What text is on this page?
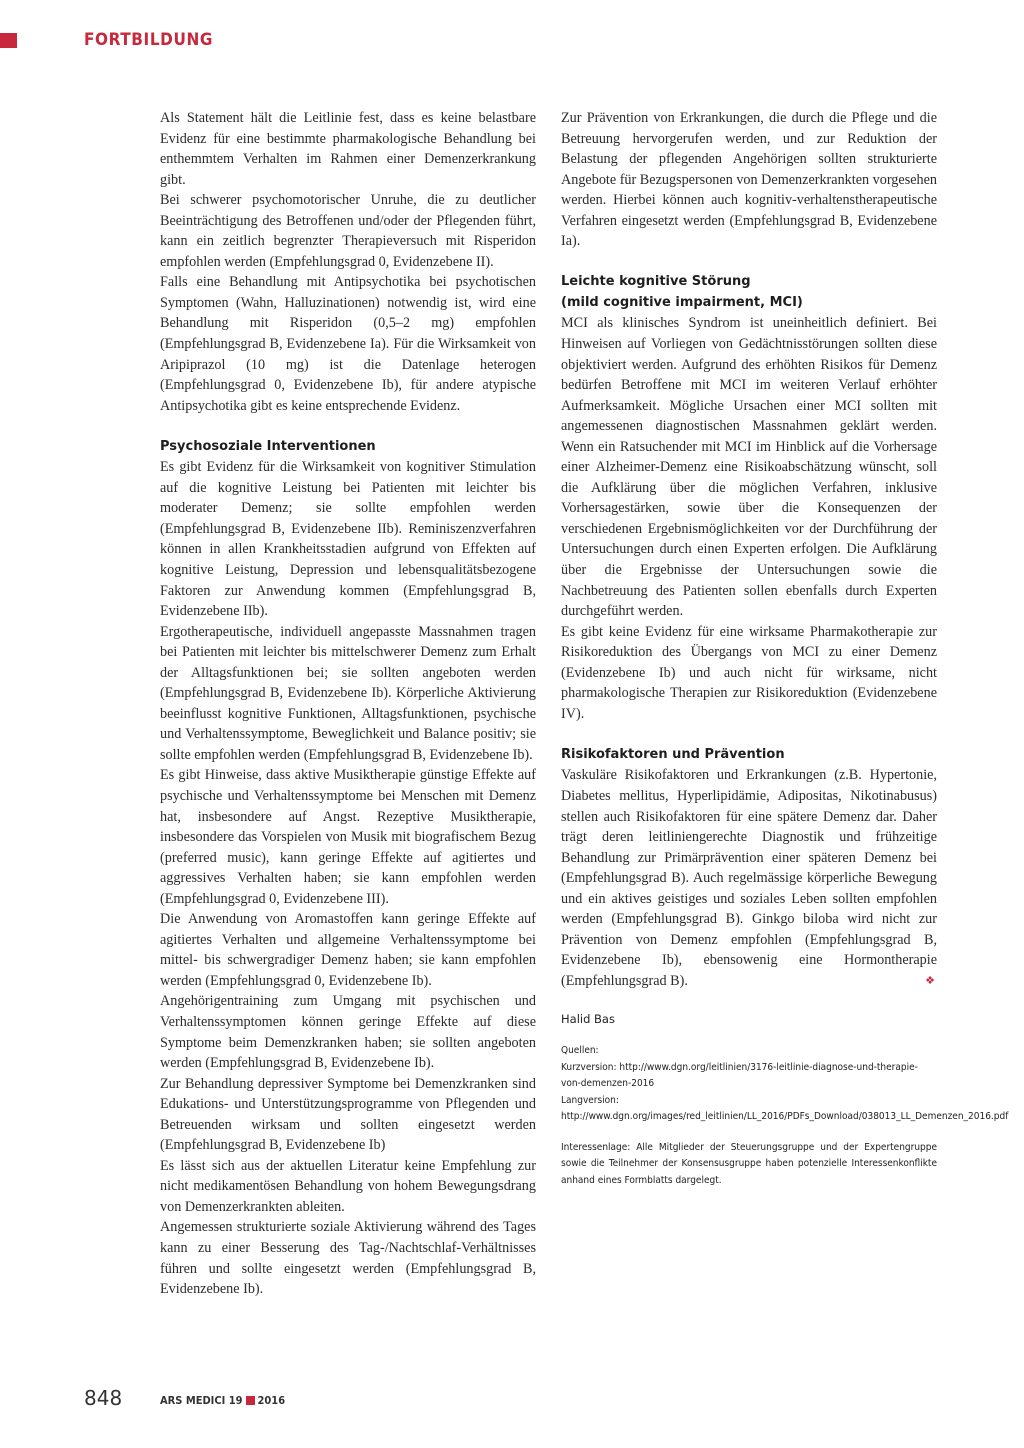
FORTBILDUNG

Als Statement hält die Leitlinie fest, dass es keine belastbare Evidenz für eine bestimmte pharmakologische Behandlung bei enthemmtem Verhalten im Rahmen einer Demenzerkrankung gibt.

Bei schwerer psychomotorischer Unruhe, die zu deutlicher Beeinträchtigung des Betroffenen und/oder der Pflegenden führt, kann ein zeitlich begrenzter Therapieversuch mit Risperidon empfohlen werden (Empfehlungsgrad 0, Evidenzebene II).

Falls eine Behandlung mit Antipsychotika bei psychotischen Symptomen (Wahn, Halluzinationen) notwendig ist, wird eine Behandlung mit Risperidon (0,5–2 mg) empfohlen (Empfehlungsgrad B, Evidenzebene Ia). Für die Wirksamkeit von Aripiprazol (10 mg) ist die Datenlage heterogen (Empfehlungsgrad 0, Evidenzebene Ib), für andere atypische Antipsychotika gibt es keine entsprechende Evidenz.

Psychosoziale Interventionen

Es gibt Evidenz für die Wirksamkeit von kognitiver Stimulation auf die kognitive Leistung bei Patienten mit leichter bis moderater Demenz; sie sollte empfohlen werden (Empfehlungsgrad B, Evidenzebene IIb). Reminiszenzverfahren können in allen Krankheitsstadien aufgrund von Effekten auf kognitive Leistung, Depression und lebensqualitätsbezogene Faktoren zur Anwendung kommen (Empfehlungsgrad B, Evidenzebene IIb).

Ergotherapeutische, individuell angepasste Massnahmen tragen bei Patienten mit leichter bis mittelschwerer Demenz zum Erhalt der Alltagsfunktionen bei; sie sollten angeboten werden (Empfehlungsgrad B, Evidenzebene Ib). Körperliche Aktivierung beeinflusst kognitive Funktionen, Alltagsfunktionen, psychische und Verhaltenssymptome, Beweglichkeit und Balance positiv; sie sollte empfohlen werden (Empfehlungsgrad B, Evidenzebene Ib).

Es gibt Hinweise, dass aktive Musiktherapie günstige Effekte auf psychische und Verhaltenssymptome bei Menschen mit Demenz hat, insbesondere auf Angst. Rezeptive Musiktherapie, insbesondere das Vorspielen von Musik mit biografischem Bezug (preferred music), kann geringe Effekte auf agitiertes und aggressives Verhalten haben; sie kann empfohlen werden (Empfehlungsgrad 0, Evidenzebene III).

Die Anwendung von Aromastoffen kann geringe Effekte auf agitiertes Verhalten und allgemeine Verhaltenssymptome bei mittel- bis schwergradiger Demenz haben; sie kann empfohlen werden (Empfehlungsgrad 0, Evidenzebene Ib).

Angehörigentraining zum Umgang mit psychischen und Verhaltenssymptomen können geringe Effekte auf diese Symptome beim Demenzkranken haben; sie sollten angeboten werden (Empfehlungsgrad B, Evidenzebene Ib).

Zur Behandlung depressiver Symptome bei Demenzkranken sind Edukations- und Unterstützungsprogramme von Pflegenden und Betreuenden wirksam und sollten eingesetzt werden (Empfehlungsgrad B, Evidenzebene Ib)

Es lässt sich aus der aktuellen Literatur keine Empfehlung zur nicht medikamentösen Behandlung von hohem Bewegungsdrang von Demenzerkrankten ableiten.

Angemessen strukturierte soziale Aktivierung während des Tages kann zu einer Besserung des Tag-/Nachtschlaf-Verhältnisses führen und sollte eingesetzt werden (Empfehlungsgrad B, Evidenzebene Ib).

Zur Prävention von Erkrankungen, die durch die Pflege und die Betreuung hervorgerufen werden, und zur Reduktion der Belastung der pflegenden Angehörigen sollten strukturierte Angebote für Bezugspersonen von Demenzerkrankten vorgesehen werden. Hierbei können auch kognitiv-verhaltenstherapeutische Verfahren eingesetzt werden (Empfehlungsgrad B, Evidenzebene Ia).

Leichte kognitive Störung
(mild cognitive impairment, MCI)

MCI als klinisches Syndrom ist uneinheitlich definiert. Bei Hinweisen auf Vorliegen von Gedächtnisstörungen sollten diese objektiviert werden. Aufgrund des erhöhten Risikos für Demenz bedürfen Betroffene mit MCI im weiteren Verlauf erhöhter Aufmerksamkeit. Mögliche Ursachen einer MCI sollten mit angemessenen diagnostischen Massnahmen geklärt werden. Wenn ein Ratsuchender mit MCI im Hinblick auf die Vorhersage einer Alzheimer-Demenz eine Risikoabschätzung wünscht, soll die Aufklärung über die möglichen Verfahren, inklusive Vorhersagestärken, sowie über die Konsequenzen der verschiedenen Ergebnismöglichkeiten vor der Durchführung der Untersuchungen durch einen Experten erfolgen. Die Aufklärung über die Ergebnisse der Untersuchungen sowie die Nachbetreuung des Patienten sollen ebenfalls durch Experten durchgeführt werden.

Es gibt keine Evidenz für eine wirksame Pharmakotherapie zur Risikoreduktion des Übergangs von MCI zu einer Demenz (Evidenzebene Ib) und auch nicht für wirksame, nicht pharmakologische Therapien zur Risikoreduktion (Evidenzebene IV).

Risikofaktoren und Prävention

Vaskuläre Risikofaktoren und Erkrankungen (z.B. Hypertonie, Diabetes mellitus, Hyperlipidämie, Adipositas, Nikotinabusus) stellen auch Risikofaktoren für eine spätere Demenz dar. Daher trägt deren leitliniengerechte Diagnostik und frühzeitige Behandlung zur Primärprävention einer späteren Demenz bei (Empfehlungsgrad B). Auch regelmässige körperliche Bewegung und ein aktives geistiges und soziales Leben sollten empfohlen werden (Empfehlungsgrad B). Ginkgo biloba wird nicht zur Prävention von Demenz empfohlen (Empfehlungsgrad B, Evidenzebene Ib), ebensowenig eine Hormontherapie (Empfehlungsgrad B).	❖

Halid Bas

Quellen:

Kurzversion: http://www.dgn.org/leitlinien/3176-leitlinie-diagnose-und-therapie-von-demenzen-2016

Langversion: http://www.dgn.org/images/red_leitlinien/LL_2016/PDFs_Download/038013_LL_Demenzen_2016.pdf

Interessenlage: Alle Mitglieder der Steuerungsgruppe und der Expertengruppe sowie die Teilnehmer der Konsensusgruppe haben potenzielle Interessenkonflikte anhand eines Formblatts dargelegt.

848	ARS MEDICI 19 2016
